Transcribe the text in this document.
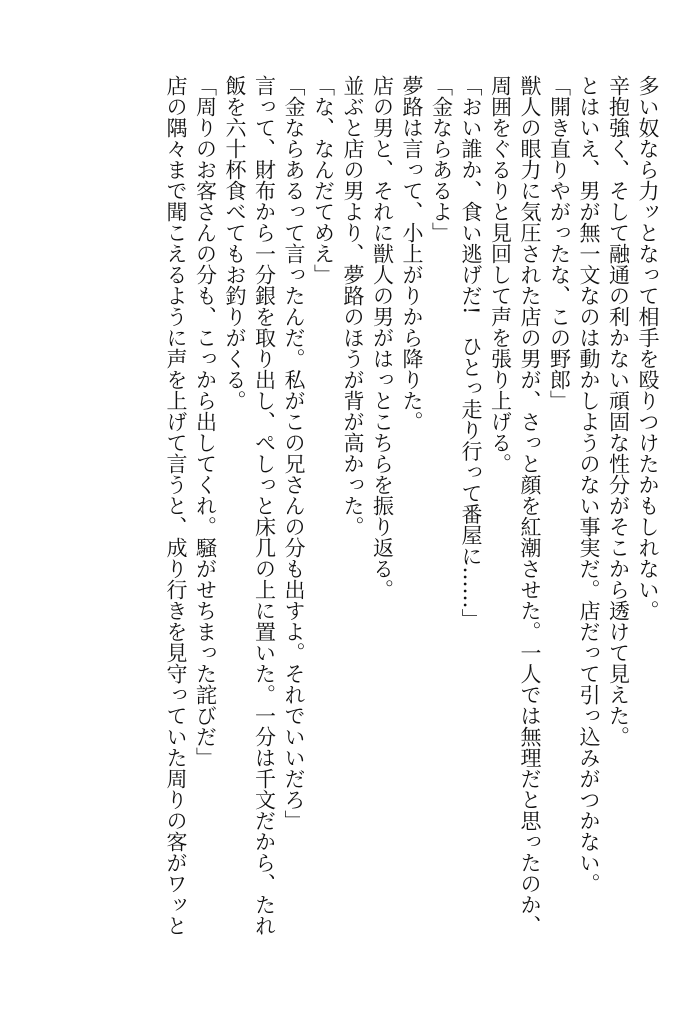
多い奴なら力ッとなって相手を殴りつけたかもしれない。
辛抱強く、そして融通の利かない頑固な性分がそこから透けて見えた。
とはいえ、男が無一文なのは動かしようのない事実だ。店だって引っ込みがつかない。
「開き直りやがったな、この野郎」
獣人の眼力に気圧された店の男が、さっと顔を紅潮させた。一人では無理だと思ったのか、
周囲をぐるりと見回して声を張り上げる。
「おい誰か、食い逃げだ!　ひとっ走り行って番屋に……」
「金ならあるよ」
夢路は言って、小上がりから降りた。
店の男と、それに獣人の男がはっとこちらを振り返る。
並ぶと店の男より、夢路のほうが背が高かった。
「な、なんだてめえ」
「金ならあるって言ったんだ。私がこの兄さんの分も出すよ。それでいいだろ」
言って、財布から一分銀を取り出し、ぺしっと床几の上に置いた。一分は千文だから、たれ
飯を六十杯食べてもお釣りがくる。
「周りのお客さんの分も、こっから出してくれ。騒がせちまった詫びだ」
店の隅々まで聞こえるように声を上げて言うと、成り行きを見守っていた周りの客がワッと
